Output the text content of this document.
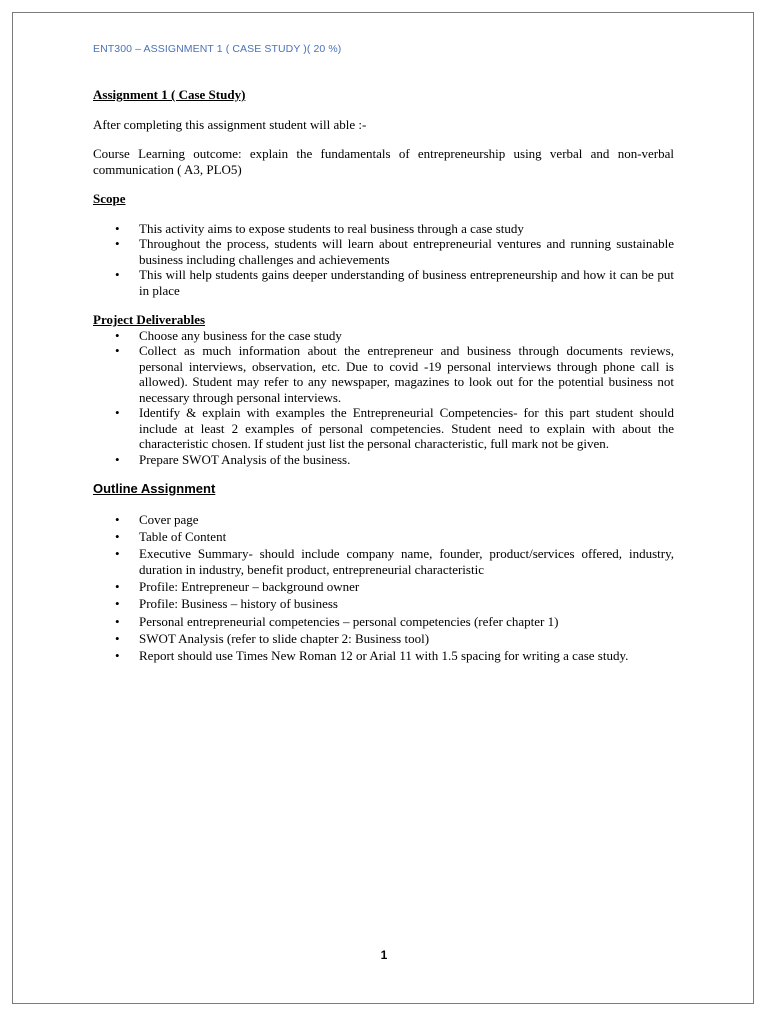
ENT300 – ASSIGNMENT 1 ( CASE STUDY )( 20 %)

Assignment 1 ( Case Study)

After completing this assignment student will able :-

Course Learning outcome: explain the fundamentals of entrepreneurship using verbal and non-verbal communication ( A3, PLO5)

Scope

• This activity aims to expose students to real business through a case study
• Throughout the process, students will learn about entrepreneurial ventures and running sustainable business including challenges and achievements
• This will help students gains deeper understanding of business entrepreneurship and how it can be put in place

Project Deliverables

• Choose any business for the case study
• Collect as much information about the entrepreneur and business through documents reviews, personal interviews, observation, etc. Due to covid -19 personal interviews through phone call is allowed). Student may refer to any newspaper, magazines to look out for the potential business not necessary through personal interviews.
• Identify & explain with examples the Entrepreneurial Competencies- for this part student should include at least 2 examples of personal competencies. Student need to explain with about the characteristic chosen. If student just list the personal characteristic, full mark not be given.
• Prepare SWOT Analysis of the business.

Outline Assignment

• Cover page
• Table of Content
• Executive Summary- should include company name, founder, product/services offered, industry, duration in industry, benefit product, entrepreneurial characteristic
• Profile: Entrepreneur – background owner
• Profile: Business – history of business
• Personal entrepreneurial competencies – personal competencies (refer chapter 1)
• SWOT Analysis (refer to slide chapter 2: Business tool)
• Report should use Times New Roman 12 or Arial 11 with 1.5 spacing for writing a case study.
1
